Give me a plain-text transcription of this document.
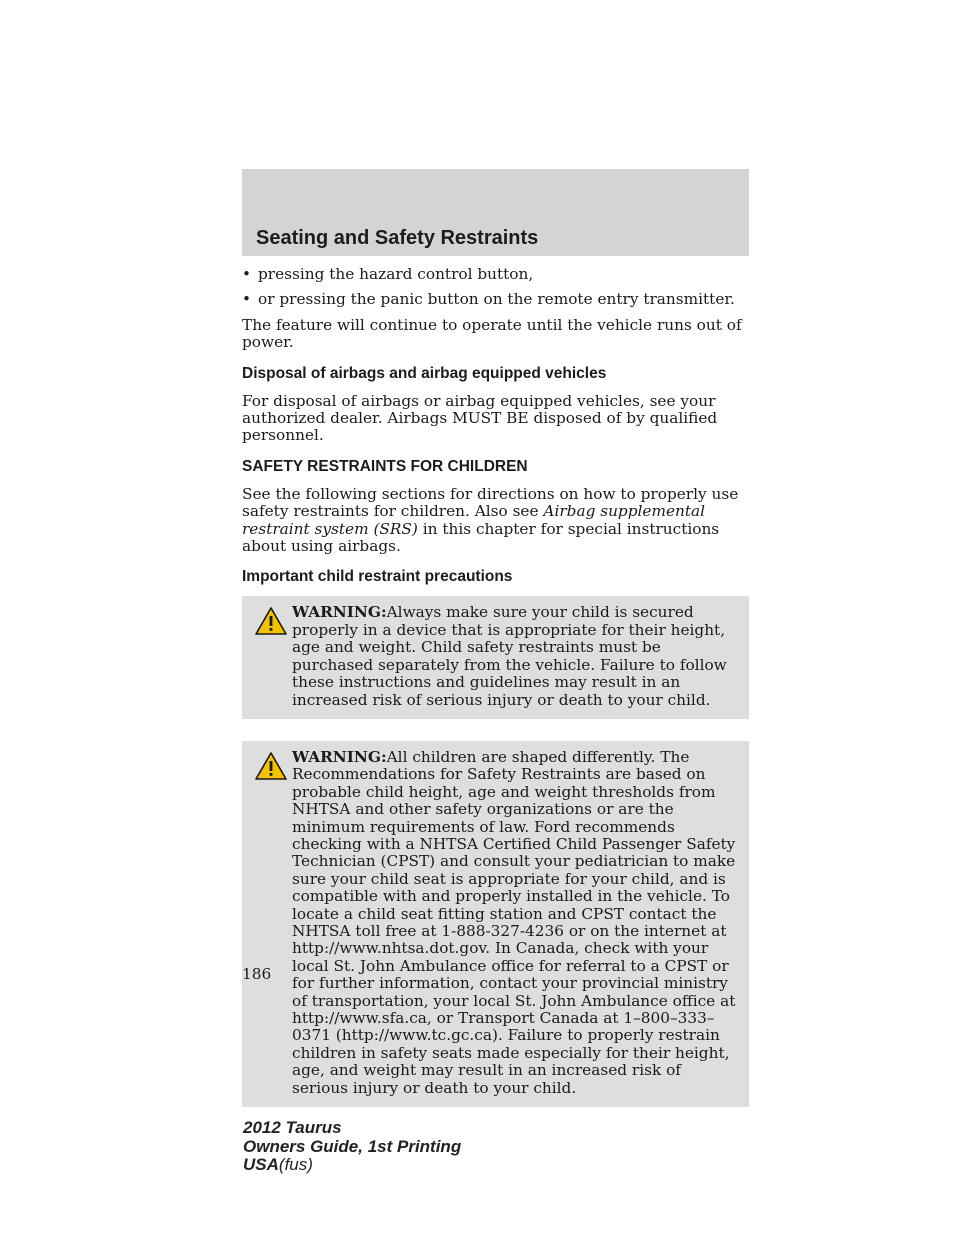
Seating and Safety Restraints
• pressing the hazard control button,
• or pressing the panic button on the remote entry transmitter.

The feature will continue to operate until the vehicle runs out of power.

Disposal of airbags and airbag equipped vehicles

For disposal of airbags or airbag equipped vehicles, see your authorized dealer. Airbags MUST BE disposed of by qualified personnel.

SAFETY RESTRAINTS FOR CHILDREN

See the following sections for directions on how to properly use safety restraints for children. Also see Airbag supplemental restraint system (SRS) in this chapter for special instructions about using airbags.

Important child restraint precautions
WARNING:Always make sure your child is secured properly in a device that is appropriate for their height, age and weight. Child safety restraints must be purchased separately from the vehicle. Failure to follow these instructions and guidelines may result in an increased risk of serious injury or death to your child.
WARNING:All children are shaped differently. The Recommendations for Safety Restraints are based on probable child height, age and weight thresholds from NHTSA and other safety organizations or are the minimum requirements of law. Ford recommends checking with a NHTSA Certified Child Passenger Safety Technician (CPST) and consult your pediatrician to make sure your child seat is appropriate for your child, and is compatible with and properly installed in the vehicle. To locate a child seat fitting station and CPST contact the NHTSA toll free at 1-888-327-4236 or on the internet at http://www.nhtsa.dot.gov. In Canada, check with your local St. John Ambulance office for referral to a CPST or for further information, contact your provincial ministry of transportation, your local St. John Ambulance office at http://www.sfa.ca, or Transport Canada at 1–800–333–0371 (http://www.tc.gc.ca). Failure to properly restrain children in safety seats made especially for their height, age, and weight may result in an increased risk of serious injury or death to your child.
186
2012 Taurus
Owners Guide, 1st Printing
USA(fus)
